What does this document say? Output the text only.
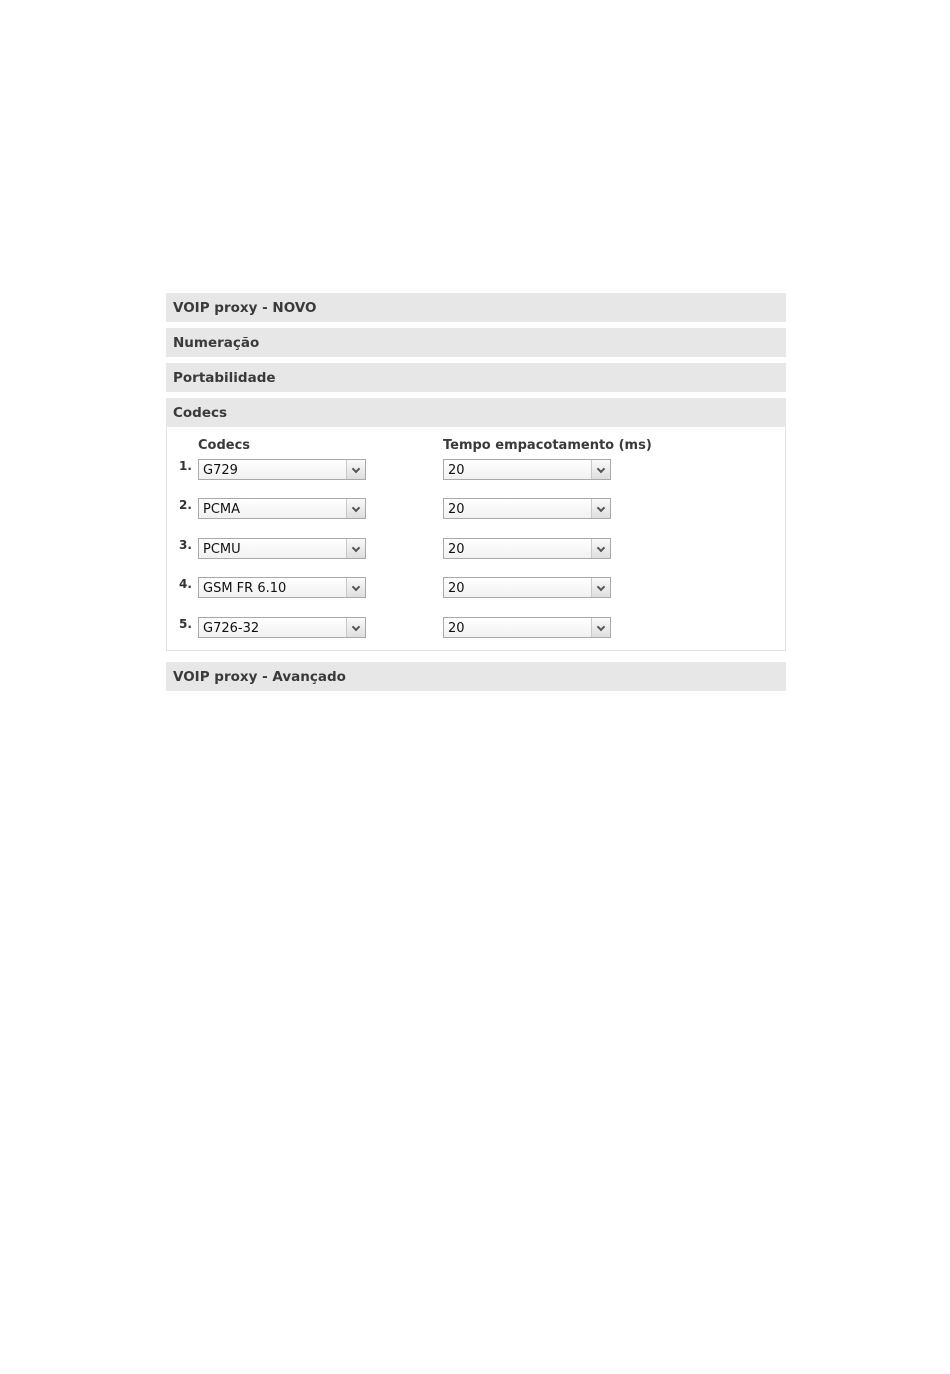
VOIP proxy - NOVO
Numeração
Portabilidade
Codecs
Codecs	Tempo empacotamento (ms)
1. G729	20
2. PCMA	20
3. PCMU	20
4. GSM FR 6.10	20
5. G726-32	20
VOIP proxy - Avançado
